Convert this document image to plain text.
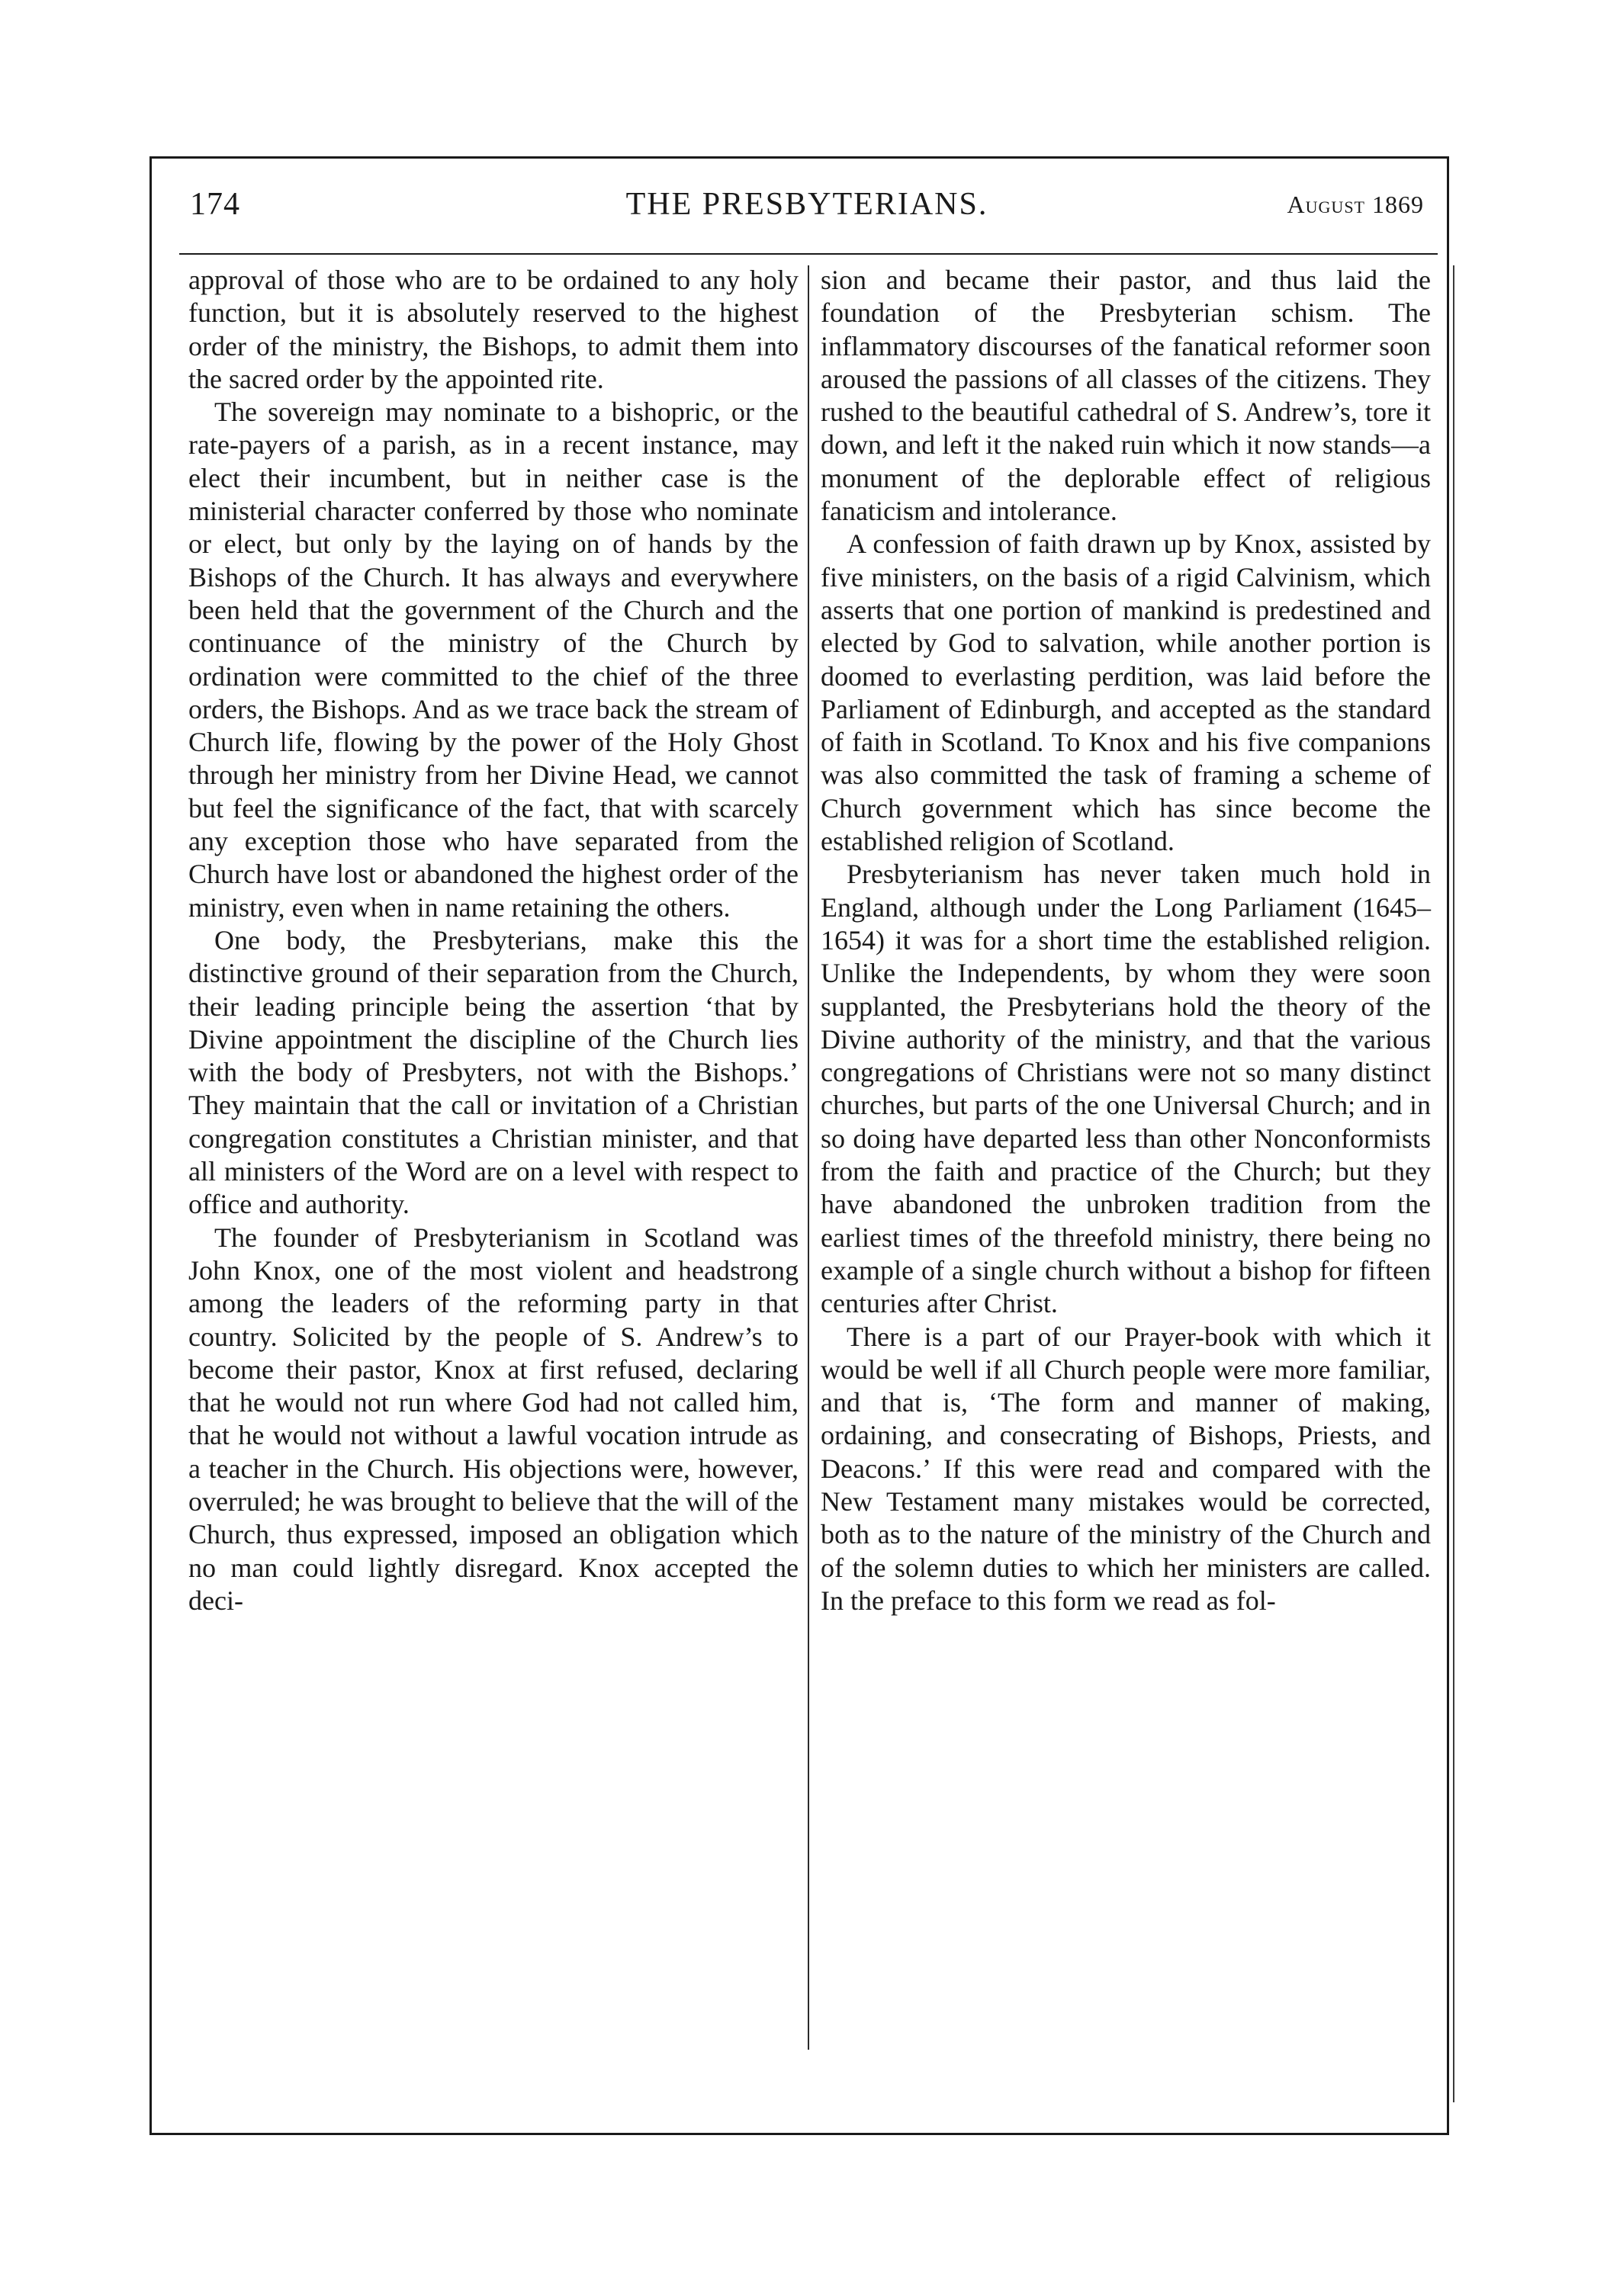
174	THE PRESBYTERIANS.	August 1869

approval of those who are to be ordained to any holy function, but it is absolutely reserved to the highest order of the ministry, the Bishops, to admit them into the sacred order by the appointed rite.

The sovereign may nominate to a bishopric, or the rate-payers of a parish, as in a recent instance, may elect their incumbent, but in neither case is the ministerial character conferred by those who nominate or elect, but only by the laying on of hands by the Bishops of the Church. It has always and everywhere been held that the government of the Church and the continuance of the ministry of the Church by ordination were committed to the chief of the three orders, the Bishops. And as we trace back the stream of Church life, flowing by the power of the Holy Ghost through her ministry from her Divine Head, we cannot but feel the significance of the fact, that with scarcely any exception those who have separated from the Church have lost or abandoned the highest order of the ministry, even when in name retaining the others.

One body, the Presbyterians, make this the distinctive ground of their separation from the Church, their leading principle being the assertion ‘that by Divine appointment the discipline of the Church lies with the body of Presbyters, not with the Bishops.’ They maintain that the call or invitation of a Christian congregation constitutes a Christian minister, and that all ministers of the Word are on a level with respect to office and authority.

The founder of Presbyterianism in Scotland was John Knox, one of the most violent and headstrong among the leaders of the reforming party in that country. Solicited by the people of S. Andrew’s to become their pastor, Knox at first refused, declaring that he would not run where God had not called him, that he would not without a lawful vocation intrude as a teacher in the Church. His objections were, however, overruled; he was brought to believe that the will of the Church, thus expressed, imposed an obligation which no man could lightly disregard. Knox accepted the deci-

sion and became their pastor, and thus laid the foundation of the Presbyterian schism. The inflammatory discourses of the fanatical reformer soon aroused the passions of all classes of the citizens. They rushed to the beautiful cathedral of S. Andrew’s, tore it down, and left it the naked ruin which it now stands—a monument of the deplorable effect of religious fanaticism and intolerance.

A confession of faith drawn up by Knox, assisted by five ministers, on the basis of a rigid Calvinism, which asserts that one portion of mankind is predestined and elected by God to salvation, while another portion is doomed to everlasting perdition, was laid before the Parliament of Edinburgh, and accepted as the standard of faith in Scotland. To Knox and his five companions was also committed the task of framing a scheme of Church government which has since become the established religion of Scotland.

Presbyterianism has never taken much hold in England, although under the Long Parliament (1645–1654) it was for a short time the established religion. Unlike the Independents, by whom they were soon supplanted, the Presbyterians hold the theory of the Divine authority of the ministry, and that the various congregations of Christians were not so many distinct churches, but parts of the one Universal Church; and in so doing have departed less than other Nonconformists from the faith and practice of the Church; but they have abandoned the unbroken tradition from the earliest times of the threefold ministry, there being no example of a single church without a bishop for fifteen centuries after Christ.

There is a part of our Prayer-book with which it would be well if all Church people were more familiar, and that is, ‘The form and manner of making, ordaining, and consecrating of Bishops, Priests, and Deacons.’ If this were read and compared with the New Testament many mistakes would be corrected, both as to the nature of the ministry of the Church and of the solemn duties to which her ministers are called. In the preface to this form we read as fol-
